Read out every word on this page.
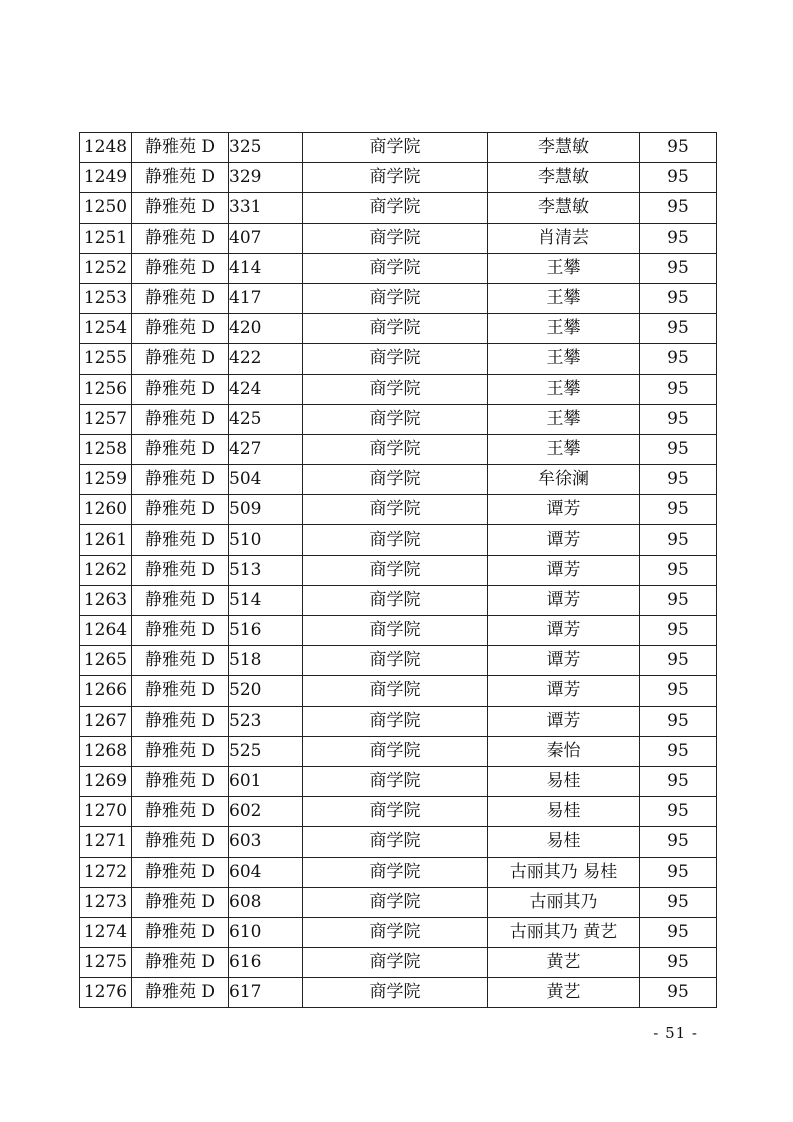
1248	静雅苑 D	325	商学院	李慧敏	95
1249	静雅苑 D	329	商学院	李慧敏	95
1250	静雅苑 D	331	商学院	李慧敏	95
1251	静雅苑 D	407	商学院	肖清芸	95
1252	静雅苑 D	414	商学院	王攀	95
1253	静雅苑 D	417	商学院	王攀	95
1254	静雅苑 D	420	商学院	王攀	95
1255	静雅苑 D	422	商学院	王攀	95
1256	静雅苑 D	424	商学院	王攀	95
1257	静雅苑 D	425	商学院	王攀	95
1258	静雅苑 D	427	商学院	王攀	95
1259	静雅苑 D	504	商学院	牟徐澜	95
1260	静雅苑 D	509	商学院	谭芳	95
1261	静雅苑 D	510	商学院	谭芳	95
1262	静雅苑 D	513	商学院	谭芳	95
1263	静雅苑 D	514	商学院	谭芳	95
1264	静雅苑 D	516	商学院	谭芳	95
1265	静雅苑 D	518	商学院	谭芳	95
1266	静雅苑 D	520	商学院	谭芳	95
1267	静雅苑 D	523	商学院	谭芳	95
1268	静雅苑 D	525	商学院	秦怡	95
1269	静雅苑 D	601	商学院	易桂	95
1270	静雅苑 D	602	商学院	易桂	95
1271	静雅苑 D	603	商学院	易桂	95
1272	静雅苑 D	604	商学院	古丽其乃 易桂	95
1273	静雅苑 D	608	商学院	古丽其乃	95
1274	静雅苑 D	610	商学院	古丽其乃 黄艺	95
1275	静雅苑 D	616	商学院	黄艺	95
1276	静雅苑 D	617	商学院	黄艺	95
- 51 -
